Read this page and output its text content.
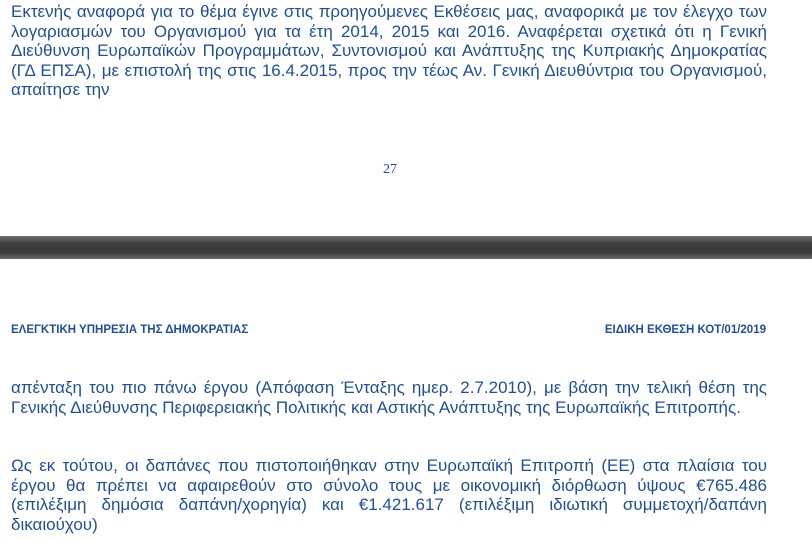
Εκτενής αναφορά για το θέμα έγινε στις προηγούμενες Εκθέσεις μας, αναφορικά με τον έλεγχο των λογαριασμών του Οργανισμού για τα έτη 2014, 2015 και 2016. Αναφέρεται σχετικά ότι η Γενική Διεύθυνση Ευρωπαϊκών Προγραμμάτων, Συντονισμού και Ανάπτυξης της Κυπριακής Δημοκρατίας (ΓΔ ΕΠΣΑ), με επιστολή της στις 16.4.2015, προς την τέως Αν. Γενική Διευθύντρια του Οργανισμού, απαίτησε την

27
ΕΛΕΓΚΤΙΚΗ ΥΠΗΡΕΣΙΑ ΤΗΣ ΔΗΜΟΚΡΑΤΙΑΣ	ΕΙΔΙΚΗ ΕΚΘΕΣΗ ΚΟΤ/01/2019

απένταξη του πιο πάνω έργου (Απόφαση Ένταξης ημερ. 2.7.2010), με βάση την τελική θέση της Γενικής Διεύθυνσης Περιφερειακής Πολιτικής και Αστικής Ανάπτυξης της Ευρωπαϊκής Επιτροπής.

Ως εκ τούτου, οι δαπάνες που πιστοποιήθηκαν στην Ευρωπαϊκή Επιτροπή (ΕΕ) στα πλαίσια του έργου θα πρέπει να αφαιρεθούν στο σύνολο τους με οικονομική διόρθωση ύψους €765.486 (επιλέξιμη δημόσια δαπάνη/χορηγία) και €1.421.617 (επιλέξιμη ιδιωτική συμμετοχή/δαπάνη δικαιούχου)
